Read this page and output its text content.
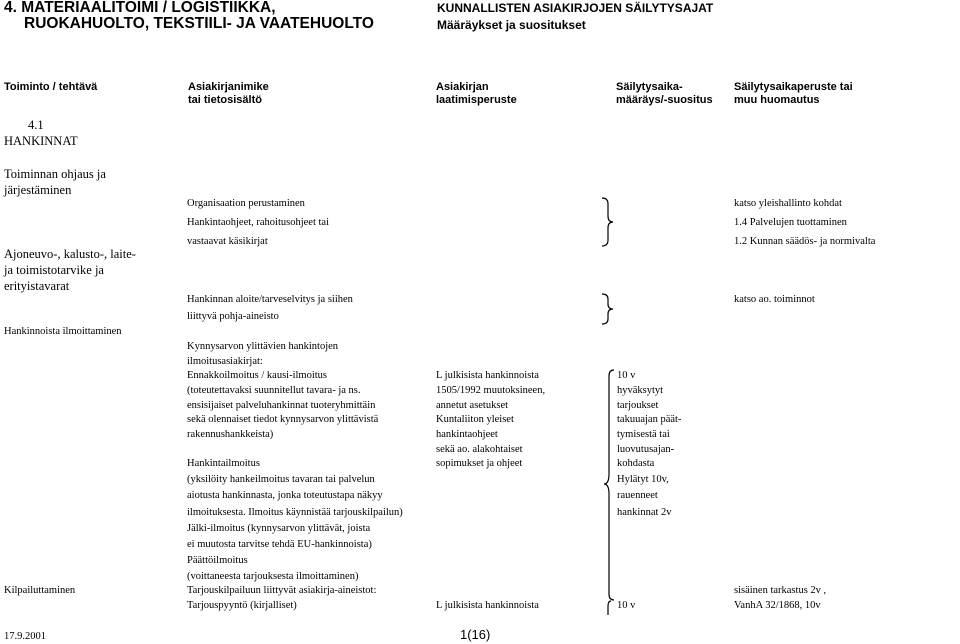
4. MATERIAALITOIMI / LOGISTIIKKA,
RUOKAHUOLTO, TEKSTIILI- JA VAATEHUOLTO
KUNNALLISTEN ASIAKIRJOJEN SÄILYTYSAJAT
Määräykset ja suositukset
Toiminto / tehtävä	Asiakirjanimike
tai tietosisältö
Asiakirjan
laatimisperuste
Säilytysaika-
määräys/-suositus
Säilytysaikaperuste tai
muu huomautus
4.1
HANKINNAT
Toiminnan ohjaus ja
järjestäminen
Ajoneuvo-, kalusto-, laite-
ja toimistotarvike ja
erityistavarat
Hankinnoista ilmoittaminen
Kilpailuttaminen
Organisaation perustaminen
Hankintaohjeet, rahoitusohjeet tai
vastaavat käsikirjat
Hankinnan aloite/tarveselvitys ja siihen
liittyvä pohja-aineisto
Kynnysarvon ylittävien hankintojen
ilmoitusasiakirjat:
Ennakkoilmoitus / kausi-ilmoitus
(toteutettavaksi suunnitellut tavara- ja ns.
ensisijaiset palveluhankinnat tuoteryhmittäin
sekä olennaiset tiedot kynnysarvon ylittävistä
rakennushankkeista)
Hankintailmoitus
(yksilöity hankeilmoitus tavaran tai palvelun
aiotusta hankinnasta, jonka toteutustapa näkyy
ilmoituksesta. Ilmoitus käynnistää tarjouskilpailun)
Jälki-ilmoitus (kynnysarvon ylittävät, joista
ei muutosta tarvitse tehdä EU-hankinnoista)
Päättöilmoitus
(voittaneesta tarjouksesta ilmoittaminen)
Tarjouskilpailuun liittyvät asiakirja-aineistot:
Tarjouspyyntö (kirjalliset)
L julkisista hankinnoista
1505/1992 muutoksineen,
annetut asetukset
Kuntaliiton yleiset
hankintaohjeet
sekä ao. alakohtaiset
sopimukset ja ohjeet
L julkisista hankinnoista
10 v
hyväksytyt
tarjoukset
takuuajan päät-
tymisestä tai
luovutusajan-
kohdasta
Hylätyt 10v,
rauenneet
hankinnat 2v
10 v
katso yleishallinto kohdat
1.4 Palvelujen tuottaminen
1.2 Kunnan säädös- ja normivalta
katso ao. toiminnot
sisäinen tarkastus 2v ,
VanhA 32/1868, 10v
17.9.2001	1(16)
